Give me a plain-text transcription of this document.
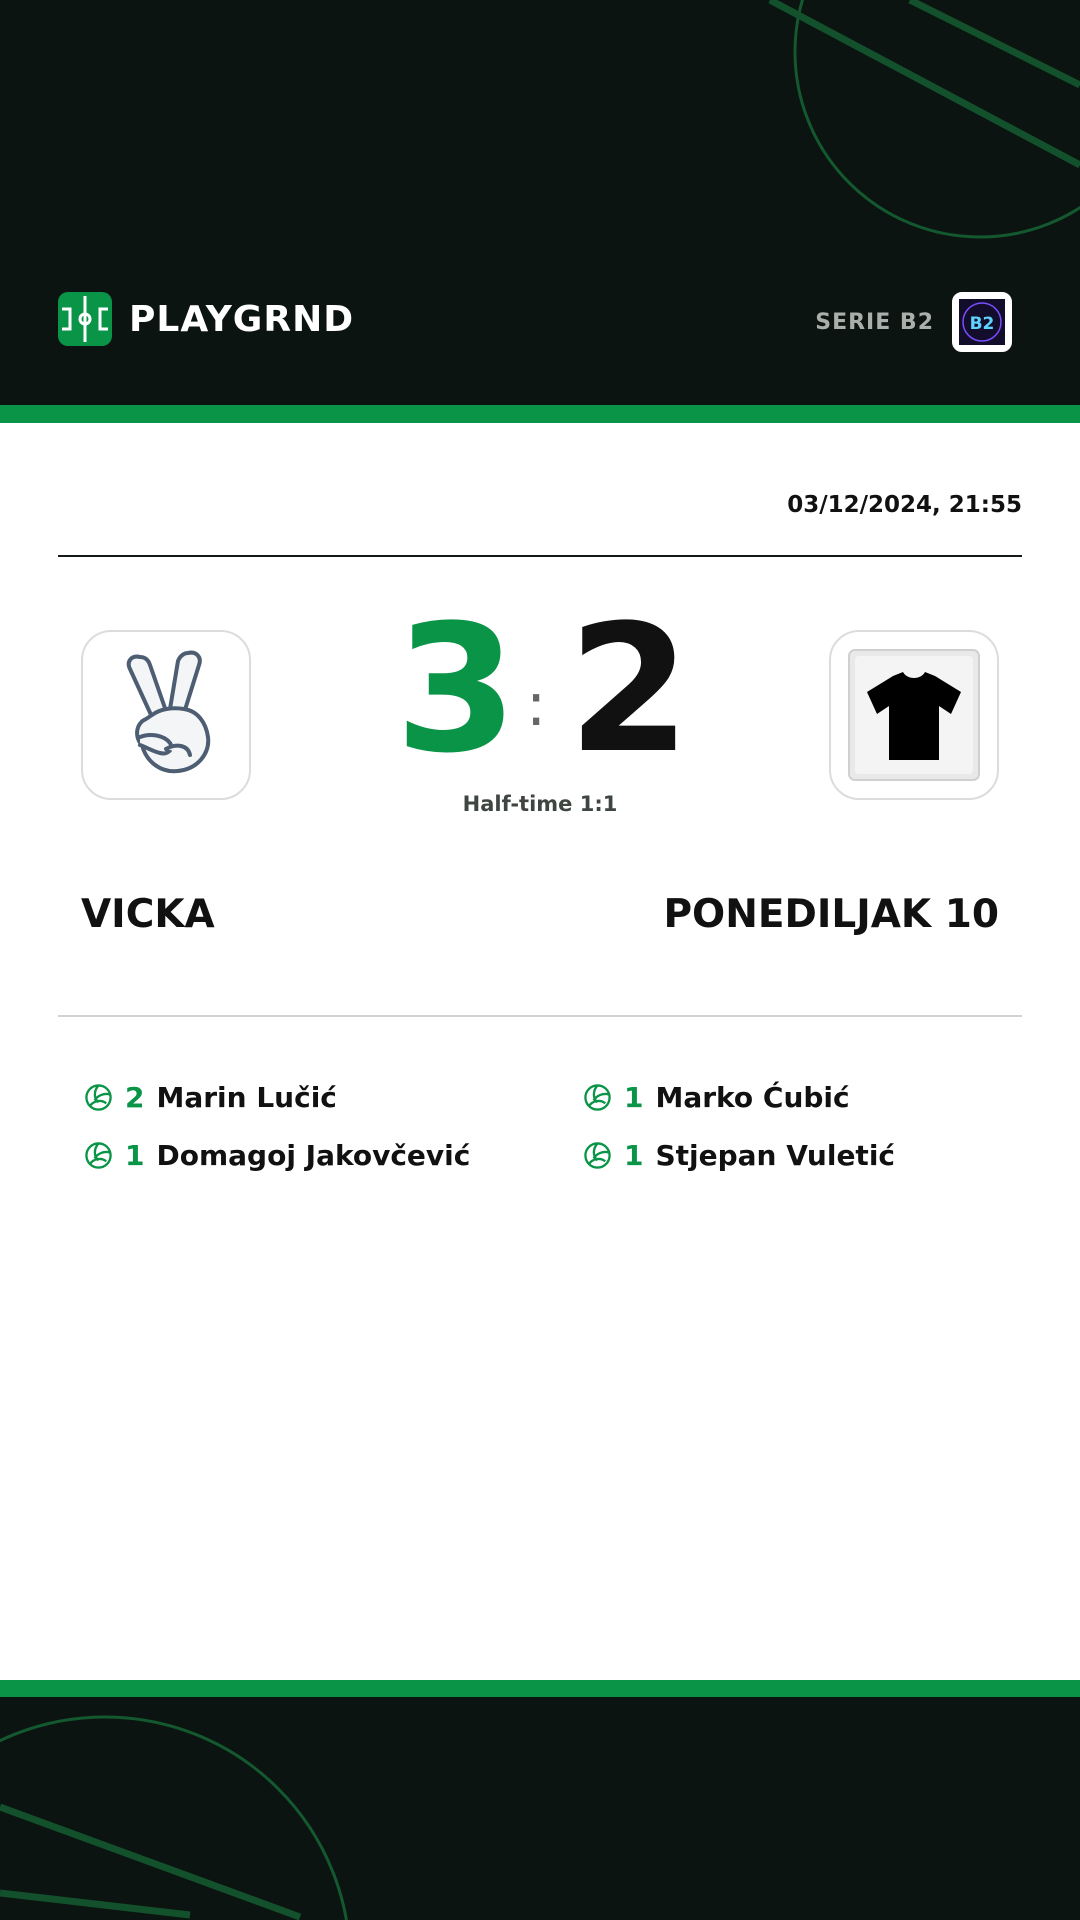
PLAYGRND	SERIE B2 B2
03/12/2024, 21:55
3 : 2
Half-time 1:1
VICKA	PONEDILJAK 10
2 Marin Lučić
1 Domagoj Jakovčević
1 Marko Ćubić
1 Stjepan Vuletić
